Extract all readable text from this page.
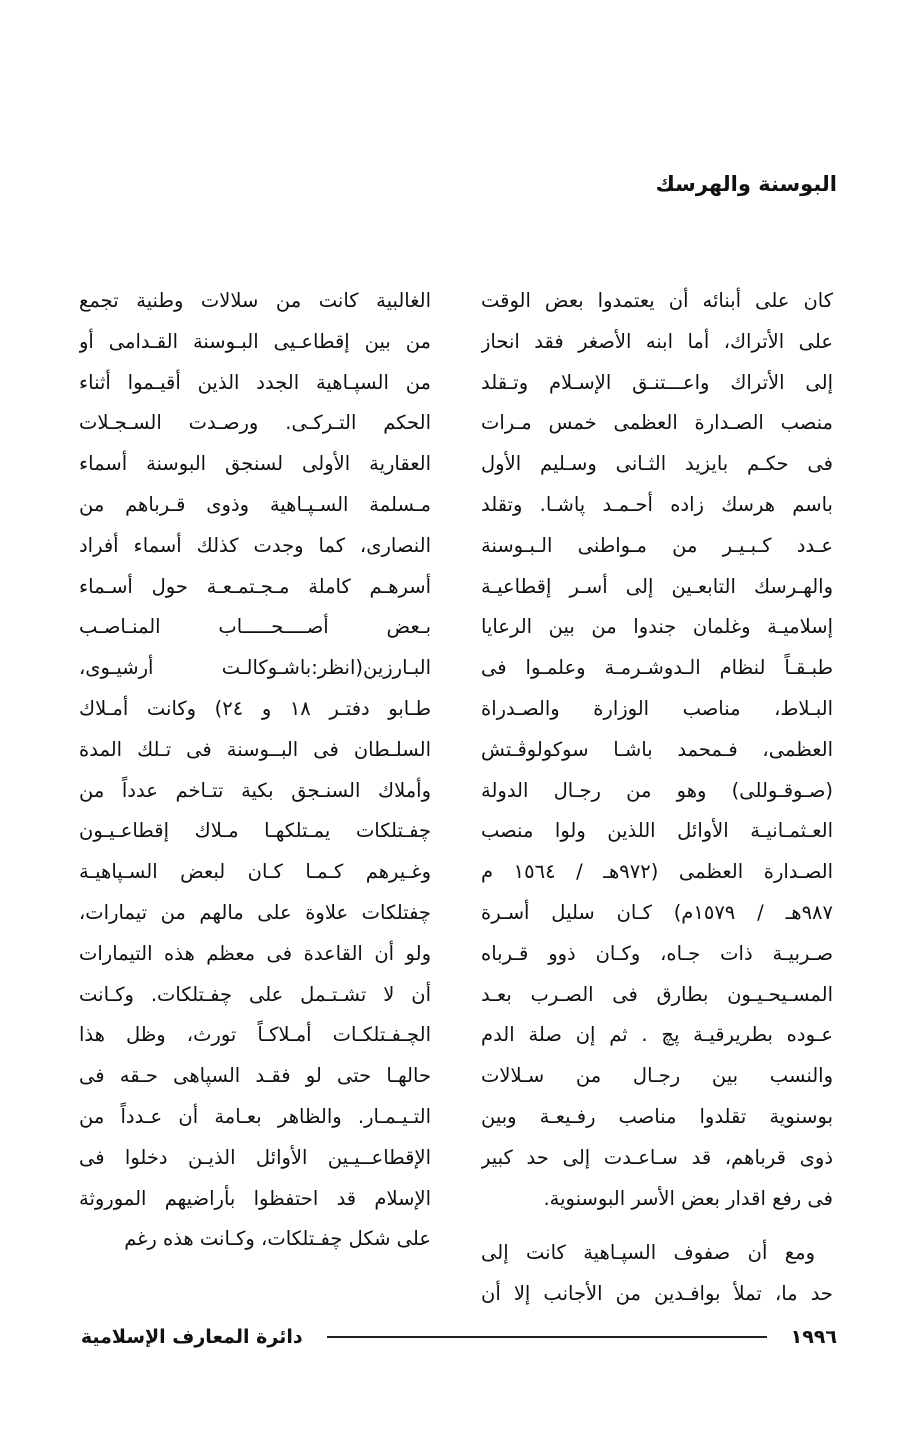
البوسنة والهرسك
كان على أبنائه أن يعتمدوا بعض الوقت
على الأتراك، أما ابنه الأصغر فقد انحاز
إلى الأتراك واعـــتنـق الإسـلام وتـقلد
منصب الصـدارة العظمى خمس مـرات
فى حكـم بايزيد الثـانى وسـليم الأول
باسم هرسك زاده أحـمـد پاشـا. وتقلد
عـدد كـبـيـر من مـواطنى الـبـوسنة
والهـرسك التابعـين إلى أسـر إقطاعيـة
إسلاميـة وغلمان جندوا من بين الرعايا
طبـقـاً لنظام الـدوشـرمـة وعلمـوا فى
البـلاط، مناصب الوزارة والصـدراة
العظمى، فـمحمد باشـا سوكولوڤـتش
(صـوقـوللى) وهو من رجـال الدولة
العـثمـانيـة الأوائل اللذين ولوا منصب
الصـدارة العظمى (٩٧٢هـ / ١٥٦٤ م
٩٨٧هـ / ١٥٧٩م) كـان سليل أسـرة
صـربيـة ذات جـاه، وكـان ذوو قـرباه
المسـيحـيـون بطارق فى الصـرب بعـد
عـوده بطريرقيـة پچ . ثم إن صلة الدم
والنسب بين رجـال من سـلالات
بوسنوية تقلدوا مناصب رفـيعـة وبين
ذوى قرباهم، قد سـاعـدت إلى حد كبير
فى رفع اقدار بعض الأسر البوسنوية.
ومع أن صفوف السپـاهية كانت إلى
حد ما، تملأ بوافـدين من الأجانب إلا أن
الغالبية كانت من سلالات وطنية تجمع
من بين إقطاعـيى البـوسنة القـدامى أو
من السپـاهية الجدد الذين أقيـموا أثناء
الحكم التـركـى. ورصـدت السـجـلات
العقارية الأولى لسنجق البوسنة أسماء
مـسلمة السـپـاهية وذوى قـرباهم من
النصارى، كما وجدت كذلك أسماء أفراد
أسرهـم كاملة مـجـتمـعـة حول أسـماء
بـعض أصــــحـــــاب المنـاصـب
البـارزين(انظر:باشـوكالـت أرشيـوى،
طـابو دفتـر ١٨ و ٢٤) وكانت أمـلاك
السلـطان فى البــوسنة فى تـلك المدة
وأملاك السنـجق بكية تتـاخم عدداً من
چفـتلكات يمـتلكهـا مـلاك إقطاعـيـون
وغـيرهم كـمـا كـان لبعض السـپاهيـة
چفتلكات علاوة على مالهم من تيمارات،
ولو أن القاعدة فى معظم هذه التيمارات
أن لا تشـتـمل على چفـتلكات. وكـانت
الچـفـتلكـات أمـلاكـاً تورث، وظل هذا
حالهـا حتى لو فقـد السپاهى حـقه فى
التـيـمـار. والظاهر بعـامة أن عـدداً من
الإقطاعــيـين الأوائل الذيـن دخلوا فى
الإسلام قد احتفظوا بأراضيهم الموروثة
على شكل چفـتلكات، وكـانت هذه رغم
١٩٩٦
دائرة المعارف الإسلامية
